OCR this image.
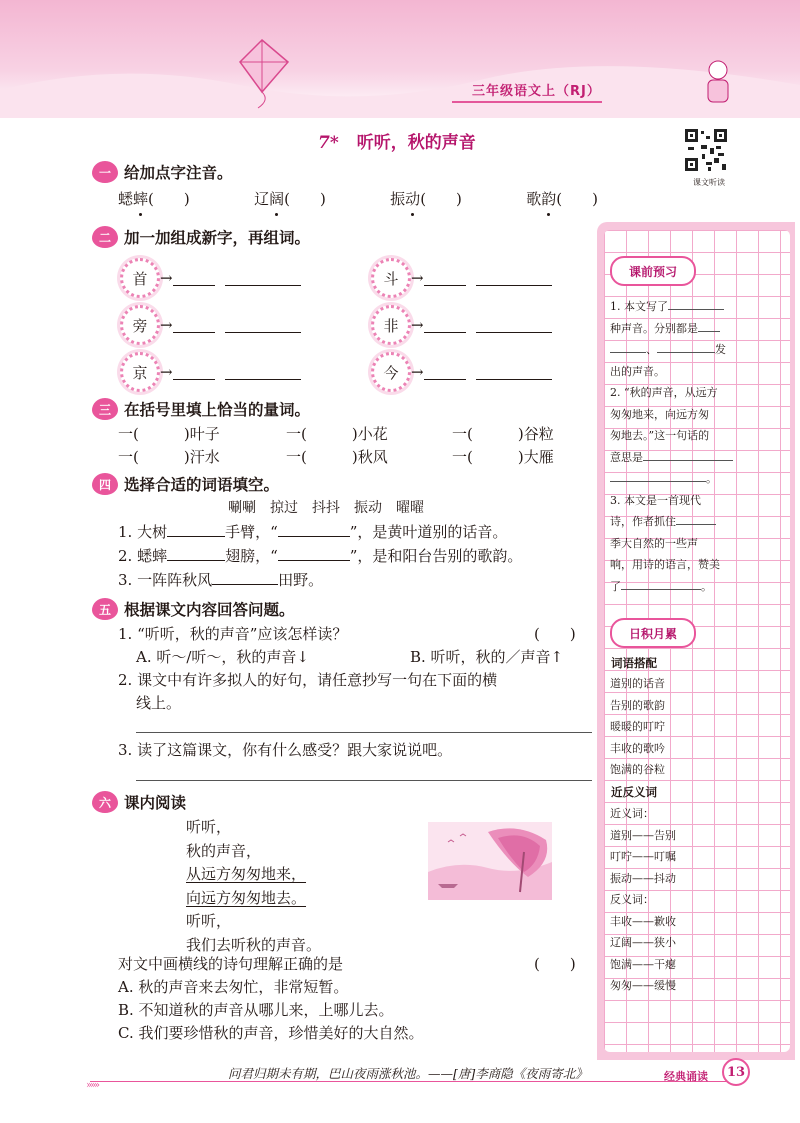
三年级语文上（RJ）
7* 听听，秋的声音
课文听读
一 给加点字注音。
蟋蟀(　　)	辽阔(　　)	振动(　　)	歌韵(　　)
二 加一加组成新字，再组词。
首 →	斗 →
旁 →	非 →
京 →	今 →
三 在括号里填上恰当的量词。
一(　　　)叶子	一(　　　)小花	一(　　　)谷粒
一(　　　)汗水	一(　　　)秋风	一(　　　)大雁
四 选择合适的词语填空。
唰唰　掠过　抖抖　振动　曜曜
1. 大树	手臂，“	”，是黄叶道别的话音。
2. 蟋蟀	翅膀，“	”，是和阳台告别的歌韵。
3. 一阵阵秋风	田野。
五 根据课文内容回答问题。
1. “听听，秋的声音”应该怎样读？	(　　)
A. 听～/听～，秋的声音↓	B. 听听，秋的／声音↑
2. 课文中有许多拟人的好句，请任意抄写一句在下面的横
线上。
3. 读了这篇课文，你有什么感受？跟大家说说吧。
六 课内阅读
听听，
秋的声音，
从远方匆匆地来，
向远方匆匆地去。
听听，
我们去听秋的声音。
对文中画横线的诗句理解正确的是	(　　)
A. 秋的声音来去匆忙，非常短暂。
B. 不知道秋的声音从哪儿来，上哪儿去。
C. 我们要珍惜秋的声音，珍惜美好的大自然。
课前预习
1. 本文写了
种声音。分别都是
、	发
出的声音。
2. “秋的声音，从远方
匆匆地来，向远方匆
匆地去。”这一句话的
意思是
。
3. 本文是一首现代
诗，作者抓住
季大自然的一些声
响，用诗的语言，赞美
了	。
日积月累
词语搭配
道别的话音
告别的歌韵
暖暖的叮咛
丰收的歌吟
饱满的谷粒
近反义词
近义词：
道别——告别
叮咛——叮嘱
振动——抖动
反义词：
丰收——歉收
辽阔——狭小
饱满——干瘪
匆匆——缓慢
问君归期未有期，巴山夜雨涨秋池。——[唐]李商隐《夜雨寄北》
››››››
经典诵读	13
